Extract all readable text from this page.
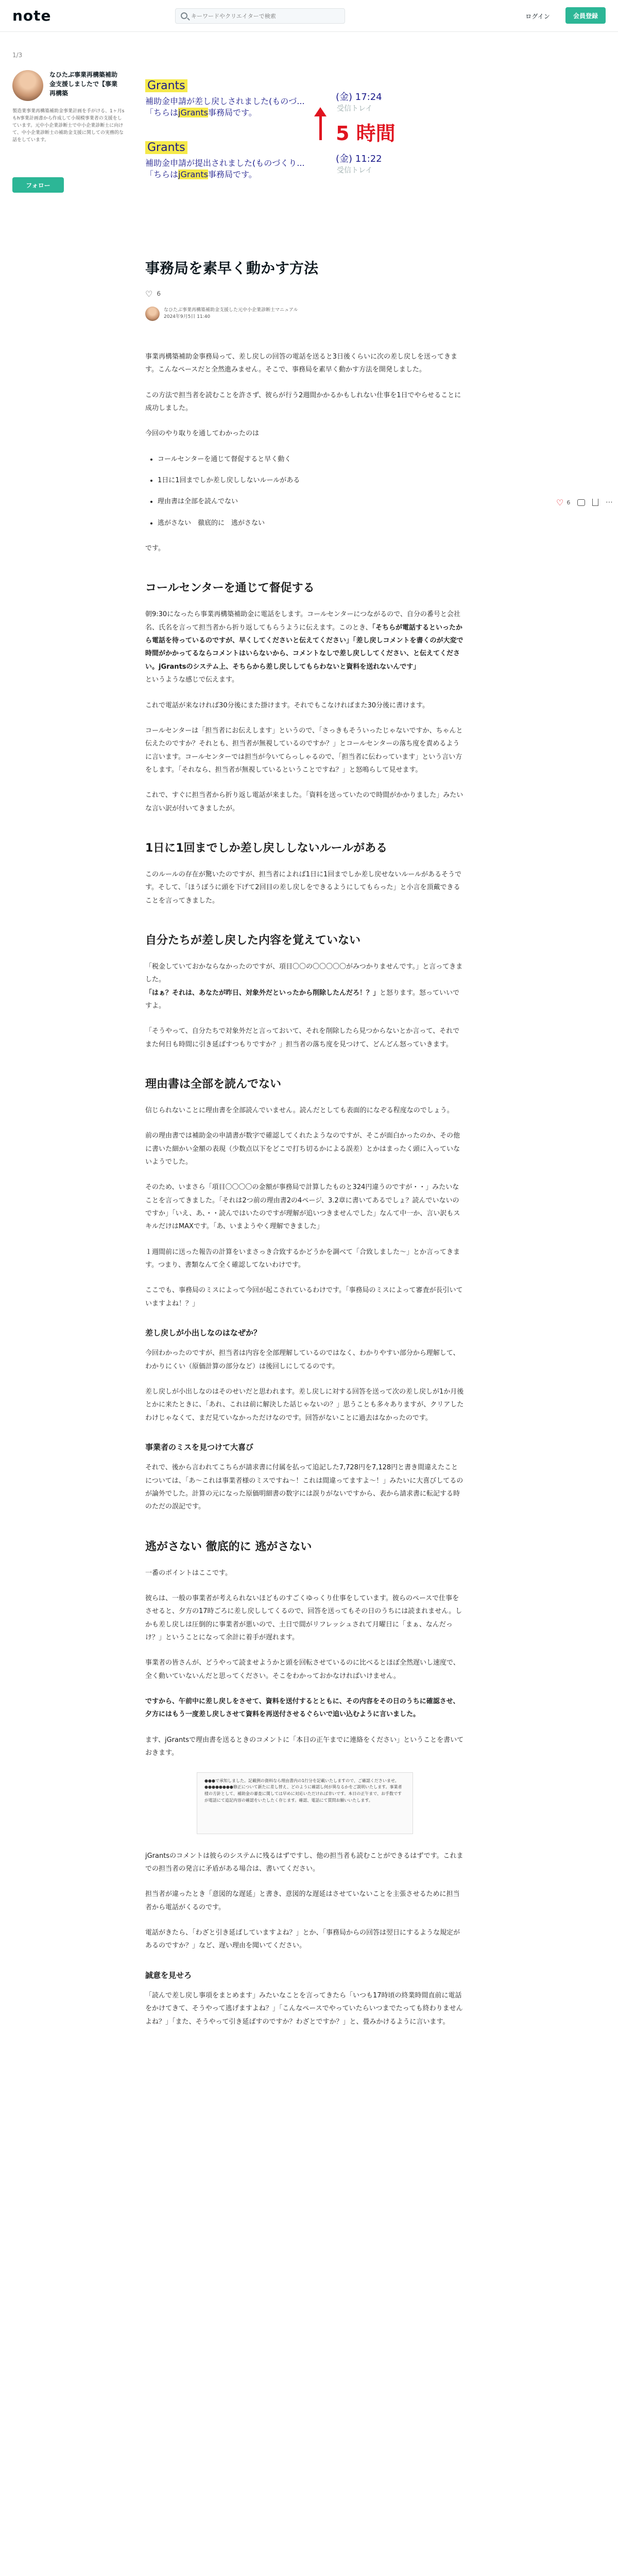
note
キーワードやクリエイターで検索	ログイン	会員登録
1/3
なひたぶ事業再構築補助金支援しましたで【事業再構築
製造業事業再構築補助金事業計画を手がける、1ヶ月sもh事業計画書から作成して小規模事業者の支援をしています。元中小企業診断士で中小企業診断士に向けて、中小企業診断士の補助金支援に関しての実務的な話をしています。
フォロー
Grants
補助金申請が差し戻しされました(ものづ...
「ちらはjGrants事務局です。
(金) 17:24
受信トレイ
5 時間
Grants
補助金申請が提出されました(ものづくり...
「ちらはjGrants事務局です。
(金) 11:22
受信トレイ
♡ 6	⋯
事務局を素早く動かす方法
♡ 6
なひたぶ事業再構築補助金支援した元中小企業診断士マニュアル
2024年9月5日 11:40

事業再構築補助金事務局って、差し戻しの回答の電話を送ると3日後くらいに次の差し戻しを送ってきます。こんなペースだと全然進みません。そこで、事務局を素早く動かす方法を開発しました。

この方法で担当者を読むことを許さず、彼らが行う2週間かかるかもしれない仕事を1日でやらせることに成功しました。

今回のやり取りを通してわかったのは

• コールセンターを通じて督促すると早く動く
• 1日に1回までしか差し戻ししないルールがある
• 理由書は全部を読んでない
• 逃がさない　徹底的に　逃がさない

です。

コールセンターを通じて督促する

朝9:30になったら事業再構築補助金に電話をします。コールセンターにつながるので、自分の番号と会社名、氏名を言って担当者から折り返してもらうように伝えます。このとき、「そちらが電話するといったから電話を待っているのですが、早くしてくださいと伝えてください」「差し戻しコメントを書くのが大変で時間がかかってるならコメントはいらないから、コメントなしで差し戻ししてください、と伝えてください。jGrantsのシステム上、そちらから差し戻ししてもらわないと資料を送れないんです」
というような感じで伝えます。

これで電話が来なければ30分後にまた掛けます。それでもこなければまた30分後に書けます。

コールセンターは「担当者にお伝えします」というので、「さっきもそういったじゃないですか、ちゃんと伝えたのですか？それとも、担当者が無視しているのですか？」とコールセンターの落ち度を責めるように言います。コールセンターでは担当が今いてらっしゃるので、「担当者に伝わっています」という言い方をします。「それなら、担当者が無視しているということですね？」と怒鳴らして見せます。

これで、すぐに担当者から折り返し電話が来ました。「資料を送っていたので時間がかかりました」みたいな言い訳が付いてきましたが。

1日に1回までしか差し戻ししないルールがある

このルールの存在が驚いたのですが、担当者によれば1日に1回までしか差し戻せないルールがあるそうです。そして、「ほうぼうに頭を下げて2回目の差し戻しをできるようにしてもらった」と小言を頂戴できることを言ってきました。

自分たちが差し戻した内容を覚えていない

「税金していておかならなかったのですが、項目〇〇の〇〇〇〇〇がみつかりませんです。」と言ってきました。
「はぁ？それは、あなたが昨日、対象外だといったから削除したんだろ！？」と怒ります。怒っていいですよ。

「そうやって、自分たちで対象外だと言っておいて、それを削除したら見つからないとか言って、それでまた何日も時間に引き延ばすつもりですか？」担当者の落ち度を見つけて、どんどん怒っていきます。

理由書は全部を読んでない

信じられないことに理由書を全部読んでいません。読んだとしても表面的になぞる程度なのでしょう。

前の理由書では補助金の申請書が数字で確認してくれたようなのですが、そこが面白かったのか、その他に書いた細かい金額の表現（少数点以下をどこで打ち切るかによる誤差）とかはまったく頭に入っていないようでした。

そのため、いまさら「項目〇〇〇〇の金額が事務局で計算したものと324円違うのですが・・」みたいなことを言ってきました。「それは2つ前の理由書2の4ページ、3.2章に書いてあるでしょ？読んでいないのですか」「いえ、あ、・・読んではいたのですが理解が追いつきませんでした」なんて中一か、言い訳もスキルだけはMAXです。「あ、いまようやく理解できました」

１週間前に送った報告の計算をいまさっき合致するかどうかを調べて「合致しました〜」とか言ってきます。つまり、書類なんて全く確認してないわけです。

ここでも、事務局のミスによって今回が起こされているわけです。「事務局のミスによって審査が長引いていますよね！？」

差し戻しが小出しなのはなぜか？

今回わかったのですが、担当者は内容を全部理解しているのではなく、わかりやすい部分から理解して、わかりにくい（原価計算の部分など）は後回しにしてるのです。

差し戻しが小出しなのはそのせいだと思われます。差し戻しに対する回答を送って次の差し戻しが1か月後とかに来たときに、「あれ、これは前に解決した話じゃないの？」思うことも多々ありますが、クリアしたわけじゃなくて、まだ見ていなかっただけなのです。回答がないことに過去はなかったのです。

事業者のミスを見つけて大喜び

それで、後から言われてこちらが請求書に付属を払って追記した7,728円を7,128円と書き間違えたことについては、「あ〜これは事業者様のミスですね〜！これは間違ってますよ〜！」みたいに大喜びしてるのが論外でした。計算の元になった原価明細書の数字には誤りがないですから、表から請求書に転記する時のただの誤記です。

逃がさない 徹底的に 逃がさない

一番のポイントはここです。

彼らは、一般の事業者が考えられないほどものすごくゆっくり仕事をしています。彼らのペースで仕事をさせると、夕方の17時ごろに差し戻ししてくるので、回答を送ってもその日のうちには読まれません。しかも差し戻しは圧倒的に事業者が悪いので、土日で間がリフレッシュされて月曜日に「まぁ、なんだっけ？」ということになって余計に着手が遅れます。

事業者の皆さんが、どうやって読ませようかと頭を回転させているのに比べるとほぼ全然遅いし速度で、全く動いていないんだと思ってください。そこをわかっておかなければいけません。

ですから、午前中に差し戻しをさせて、資料を送付するとともに、その内容をその日のうちに確認させ、夕方にはもう一度差し戻しさせて資料を再送付させるぐらいで追い込むように言いました。

ます、jGrantsで理由書を送るときのコメントに「本日の正午までに連絡をください」ということを書いておきます。

●●●で承知しました。記載例の資料なら理由書内の1行分を記載いたしますので、ご確認くださいませ。●●●●●●●●修正について新たに差し替え、どのように確認し何が異なるかをご説明いたします。事業者様の方針として、補助金の審査に関しては早めに対応いただければ幸いです。本日の正午まで、お手数ですが電話にて追記内容の確認をいたしたく存じます。確認、電話にて質問お願いいたします。

jGrantsのコメントは彼らのシステムに残るはずですし、他の担当者も読むことができるはずです。これまでの担当者の発言に矛盾がある場合は、書いてください。

担当者が違ったとき「意図的な遅延」と書き、意図的な遅延はさせていないことを主張させるために担当者から電話がくるのです。

電話がきたら、「わざと引き延ばしていますよね？」とか、「事務局からの回答は翌日にするような規定があるのですか？」など、遅い理由を聞いてください。

誠意を見せろ

「読んで差し戻し事項をまとめます」みたいなことを言ってきたら「いつも17時頃の終業時間直前に電話をかけてきて、そうやって逃げますよね？」「こんなペースでやっていたらいつまでたっても終わりませんよね？」「また、そうやって引き延ばすのですか？わざとですか？」と、畳みかけるように言います。
